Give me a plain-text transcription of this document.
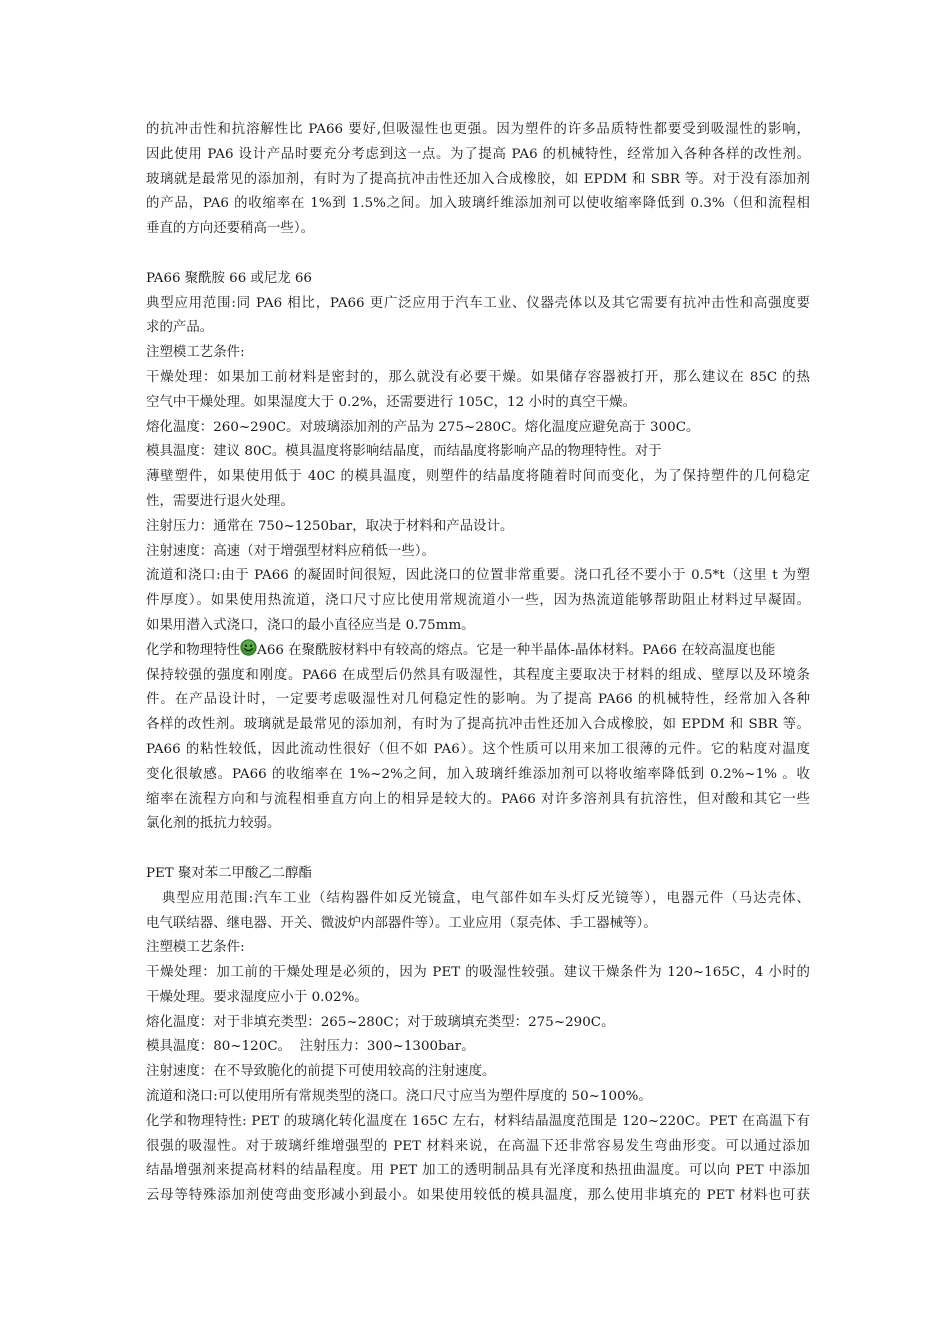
的抗冲击性和抗溶解性比 PA66 要好,但吸湿性也更强。因为塑件的许多品质特性都要受到吸湿性的影响，
因此使用 PA6 设计产品时要充分考虑到这一点。为了提高 PA6 的机械特性，经常加入各种各样的改性剂。
玻璃就是最常见的添加剂，有时为了提高抗冲击性还加入合成橡胶，如 EPDM 和 SBR 等。对于没有添加剂
的产品，PA6 的收缩率在 1%到 1.5%之间。加入玻璃纤维添加剂可以使收缩率降低到 0.3%（但和流程相
垂直的方向还要稍高一些）。
PA66 聚酰胺 66 或尼龙 66
典型应用范围:同 PA6 相比，PA66 更广泛应用于汽车工业、仪器壳体以及其它需要有抗冲击性和高强度要
求的产品。
注塑模工艺条件:
干燥处理：如果加工前材料是密封的，那么就没有必要干燥。如果储存容器被打开，那么建议在 85C 的热
空气中干燥处理。如果湿度大于 0.2%，还需要进行 105C，12 小时的真空干燥。
熔化温度：260~290C。对玻璃添加剂的产品为 275~280C。熔化温度应避免高于 300C。
模具温度：建议 80C。模具温度将影响结晶度，而结晶度将影响产品的物理特性。对于
薄壁塑件，如果使用低于 40C 的模具温度，则塑件的结晶度将随着时间而变化，为了保持塑件的几何稳定
性，需要进行退火处理。
注射压力：通常在 750~1250bar，取决于材料和产品设计。
注射速度：高速（对于增强型材料应稍低一些）。
流道和浇口:由于 PA66 的凝固时间很短，因此浇口的位置非常重要。浇口孔径不要小于 0.5*t（这里 t 为塑
件厚度）。如果使用热流道，浇口尺寸应比使用常规流道小一些，因为热流道能够帮助阻止材料过早凝固。
如果用潜入式浇口，浇口的最小直径应当是 0.75mm。
化学和物理特性 A66 在聚酰胺材料中有较高的熔点。它是一种半晶体-晶体材料。PA66 在较高温度也能
保持较强的强度和刚度。PA66 在成型后仍然具有吸湿性，其程度主要取决于材料的组成、壁厚以及环境条
件。在产品设计时，一定要考虑吸湿性对几何稳定性的影响。为了提高 PA66 的机械特性，经常加入各种
各样的改性剂。玻璃就是最常见的添加剂，有时为了提高抗冲击性还加入合成橡胶，如 EPDM 和 SBR 等。
PA66 的粘性较低，因此流动性很好（但不如 PA6）。这个性质可以用来加工很薄的元件。它的粘度对温度
变化很敏感。PA66 的收缩率在 1%~2%之间，加入玻璃纤维添加剂可以将收缩率降低到 0.2%~1% 。收
缩率在流程方向和与流程相垂直方向上的相异是较大的。PA66 对许多溶剂具有抗溶性，但对酸和其它一些
氯化剂的抵抗力较弱。
PET 聚对苯二甲酸乙二醇酯
典型应用范围:汽车工业（结构器件如反光镜盒，电气部件如车头灯反光镜等），电器元件（马达壳体、
电气联结器、继电器、开关、微波炉内部器件等）。工业应用（泵壳体、手工器械等）。
注塑模工艺条件:
干燥处理：加工前的干燥处理是必须的，因为 PET 的吸湿性较强。建议干燥条件为 120~165C，4 小时的
干燥处理。要求湿度应小于 0.02%。
熔化温度：对于非填充类型：265~280C；对于玻璃填充类型：275~290C。
模具温度：80~120C。  注射压力：300~1300bar。
注射速度：在不导致脆化的前提下可使用较高的注射速度。
流道和浇口:可以使用所有常规类型的浇口。浇口尺寸应当为塑件厚度的 50~100%。
化学和物理特性: PET 的玻璃化转化温度在 165C 左右，材料结晶温度范围是 120~220C。PET 在高温下有
很强的吸湿性。对于玻璃纤维增强型的 PET 材料来说，在高温下还非常容易发生弯曲形变。可以通过添加
结晶增强剂来提高材料的结晶程度。用 PET 加工的透明制品具有光泽度和热扭曲温度。可以向 PET 中添加
云母等特殊添加剂使弯曲变形减小到最小。如果使用较低的模具温度，那么使用非填充的 PET 材料也可获
